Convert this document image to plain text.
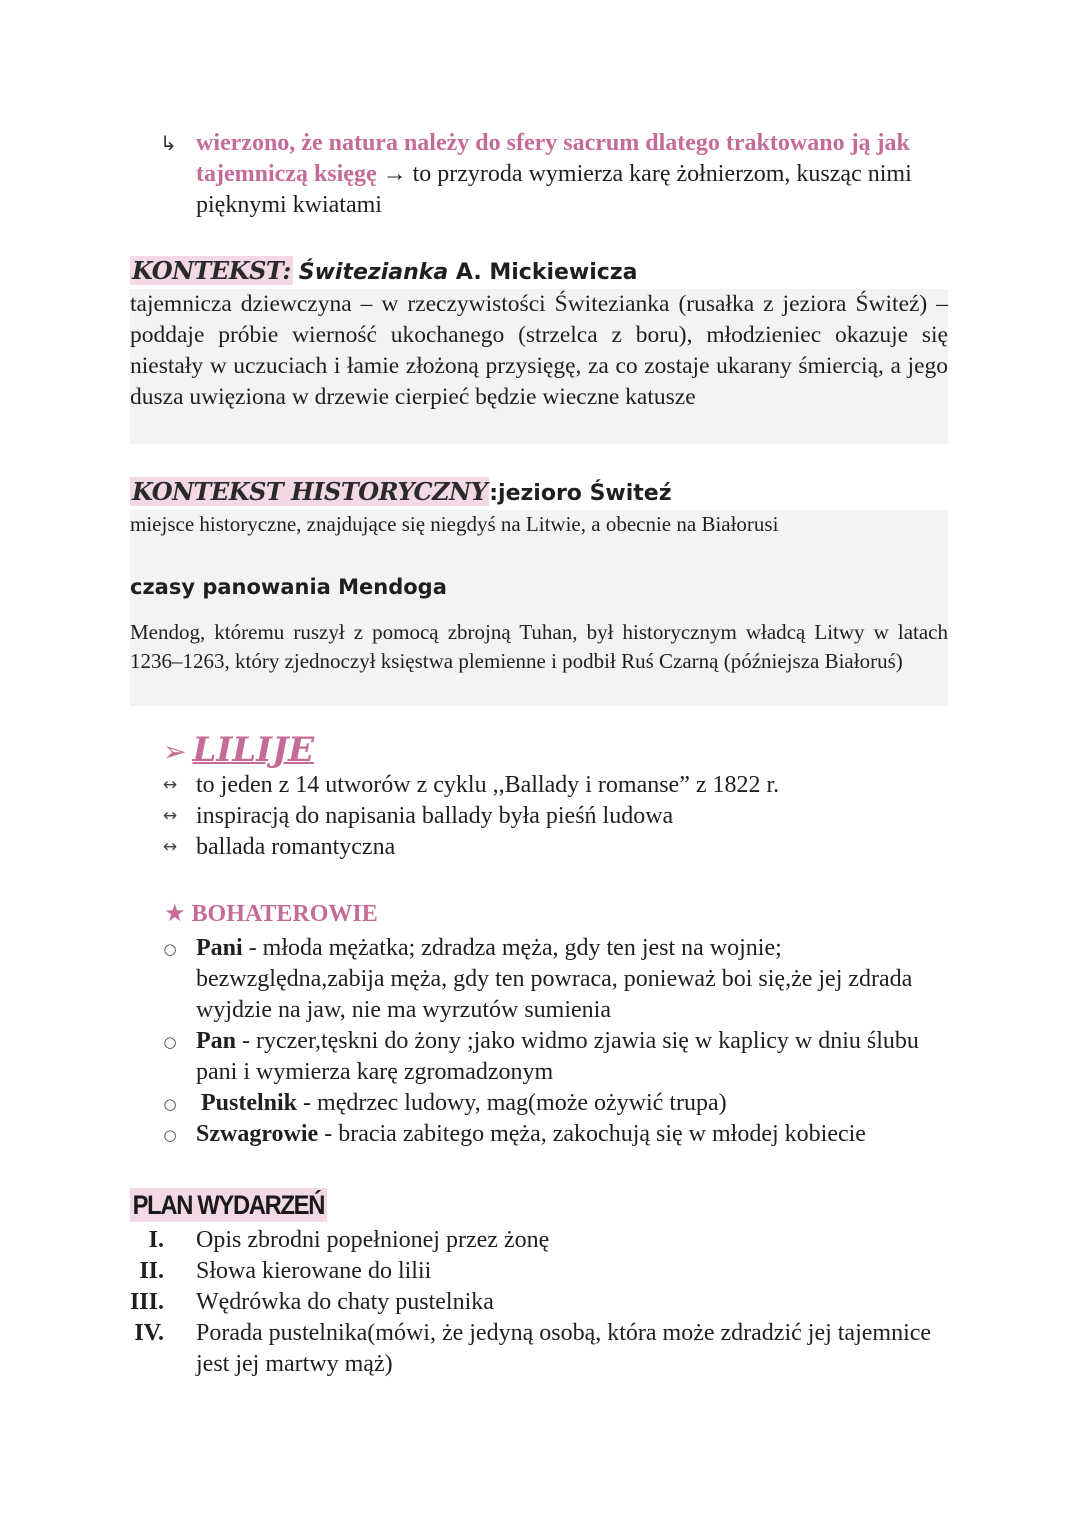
↳ wierzono, że natura należy do sfery sacrum dlatego traktowano ją jak tajemniczą księgę → to przyroda wymierza karę żołnierzom, kusząc nimi pięknymi kwiatami
KONTEKST: Świtezianka A. Mickiewicza
tajemnicza dziewczyna – w rzeczywistości Świtezianka (rusałka z jeziora Świteź) – poddaje próbie wierność ukochanego (strzelca z boru), młodzieniec okazuje się niestały w uczuciach i łamie złożoną przysięgę, za co zostaje ukarany śmiercią, a jego dusza uwięziona w drzewie cierpieć będzie wieczne katusze
KONTEKST HISTORYCZNY:jezioro Świteź
miejsce historyczne, znajdujące się niegdyś na Litwie, a obecnie na Białorusi
czasy panowania Mendoga
Mendog, któremu ruszył z pomocą zbrojną Tuhan, był historycznym władcą Litwy w latach 1236–1263, który zjednoczył księstwa plemienne i podbił Ruś Czarną (późniejsza Białoruś)
➢ LILIJE
↔ to jeden z 14 utworów z cyklu ,,Ballady i romanse” z 1822 r.
↔ inspiracją do napisania ballady była pieśń ludowa
↔ ballada romantyczna
★ BOHATEROWIE
○ Pani - młoda mężatka; zdradza męża, gdy ten jest na wojnie; bezwzględna,zabija męża, gdy ten powraca, ponieważ boi się,że jej zdrada wyjdzie na jaw, nie ma wyrzutów sumienia
○ Pan - ryczer,tęskni do żony ;jako widmo zjawia się w kaplicy w dniu ślubu pani i wymierza karę zgromadzonym
○ Pustelnik - mędrzec ludowy, mag(może ożywić trupa)
○ Szwagrowie - bracia zabitego męża, zakochują się w młodej kobiecie
PLAN WYDARZEŃ
I. Opis zbrodni popełnionej przez żonę
II. Słowa kierowane do lilii
III. Wędrówka do chaty pustelnika
IV. Porada pustelnika(mówi, że jedyną osobą, która może zdradzić jej tajemnice jest jej martwy mąż)
